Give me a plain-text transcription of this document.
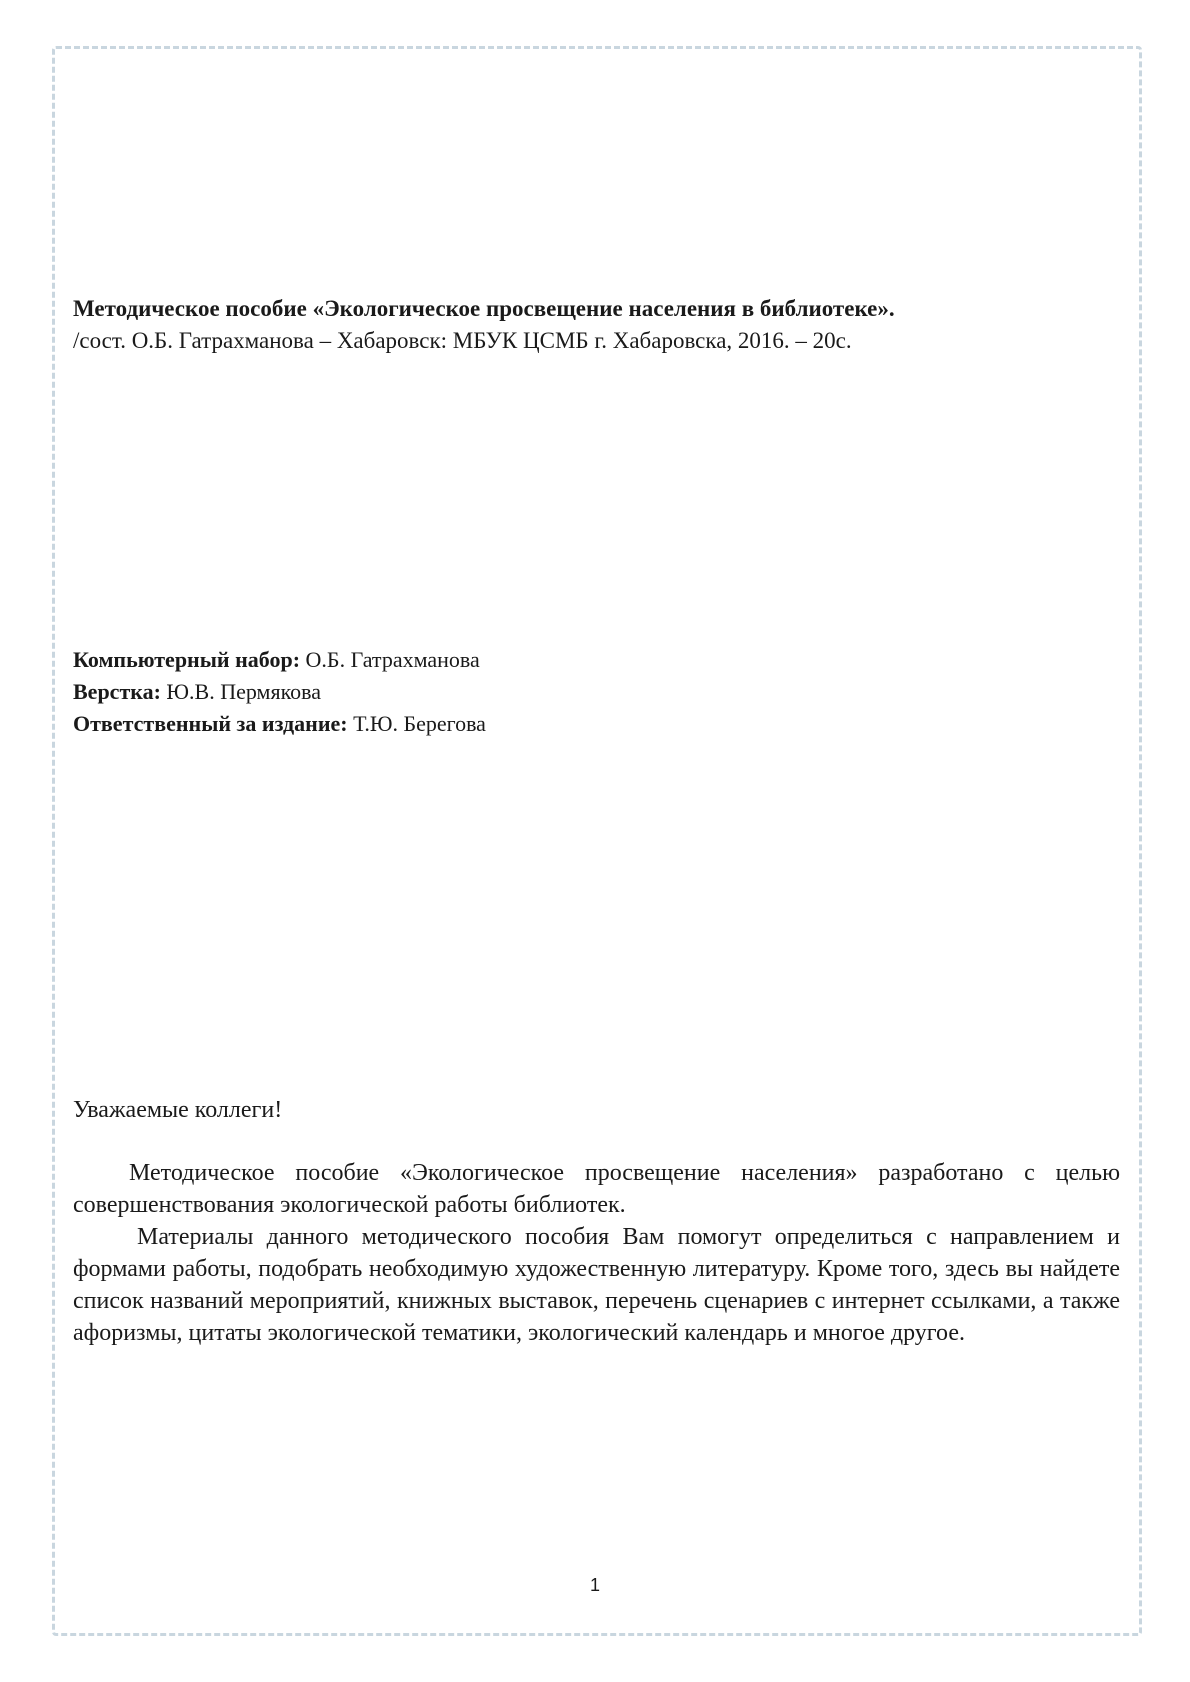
Методическое пособие «Экологическое просвещение населения в библиотеке».
/сост. О.Б. Гатрахманова – Хабаровск: МБУК ЦСМБ г. Хабаровска, 2016. – 20с.
Компьютерный набор: О.Б. Гатрахманова
Верстка: Ю.В. Пермякова
Ответственный за издание: Т.Ю. Берегова
Уважаемые коллеги!

Методическое пособие «Экологическое просвещение населения» разработано с целью совершенствования экологической работы библиотек.

Материалы данного методического пособия Вам помогут определиться с направлением и формами работы, подобрать необходимую художественную литературу. Кроме того, здесь вы найдете список названий мероприятий, книжных выставок, перечень сценариев с интернет ссылками, а также афоризмы, цитаты экологической тематики, экологический календарь и многое другое.

1
